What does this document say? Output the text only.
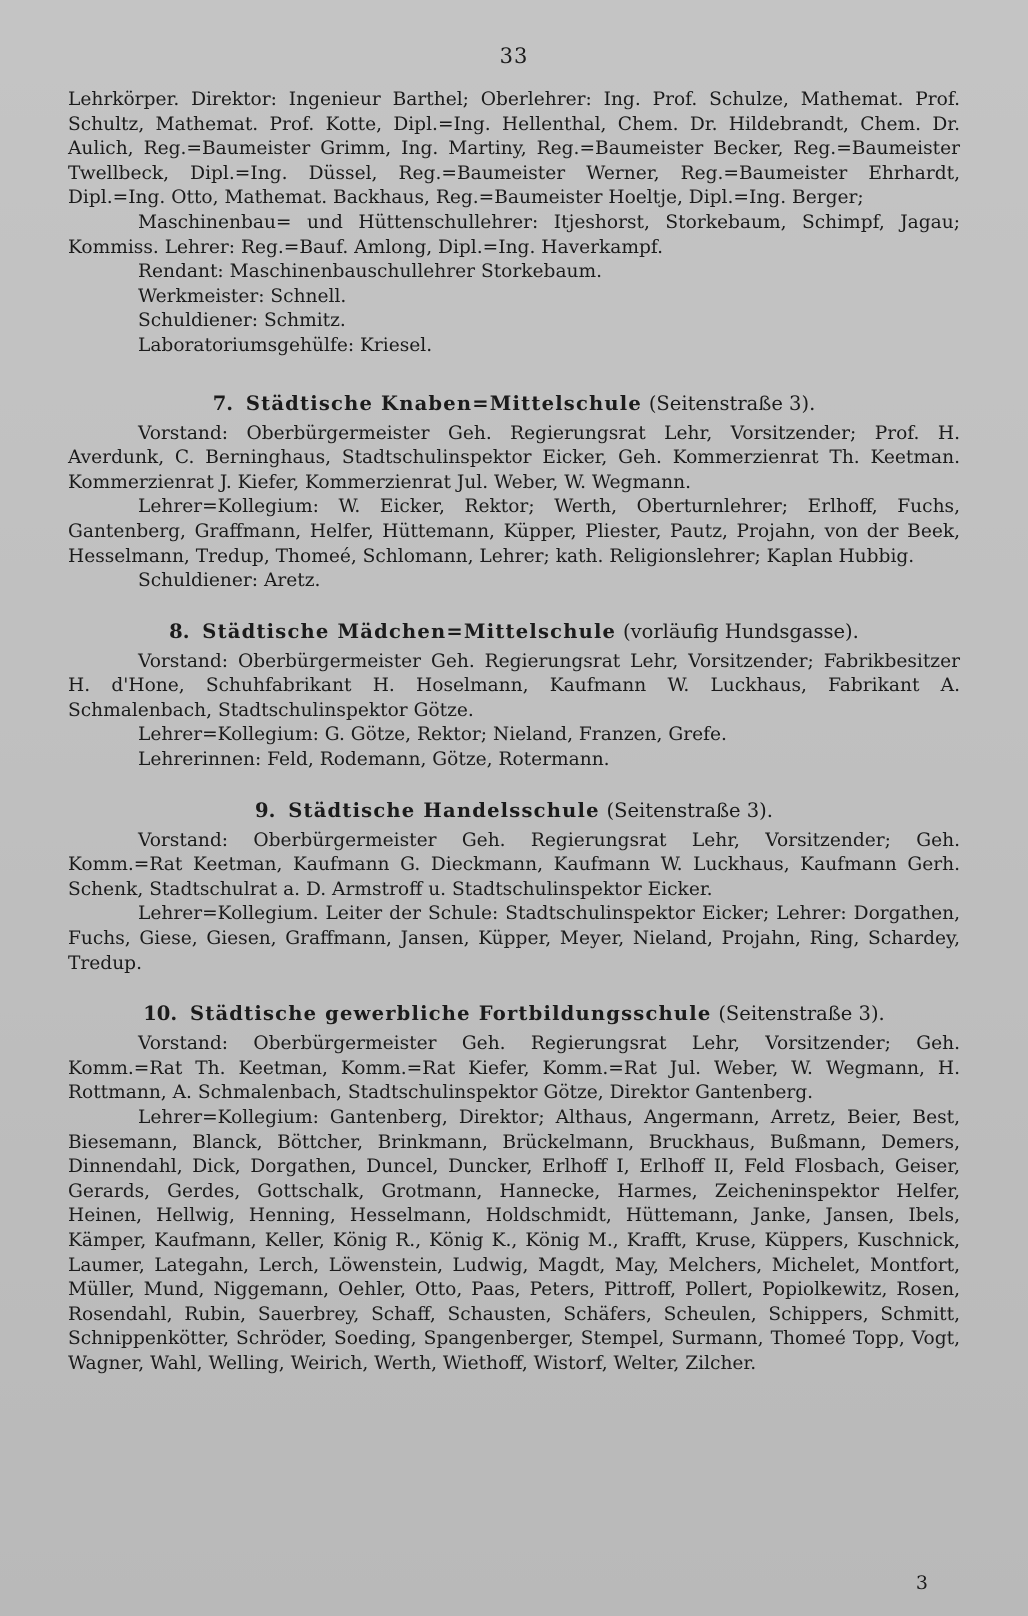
33

Lehrkörper. Direktor: Ingenieur Barthel; Oberlehrer: Ing. Prof. Schulze, Mathemat. Prof. Schultz, Mathemat. Prof. Kotte, Dipl.=Ing. Hellenthal, Chem. Dr. Hildebrandt, Chem. Dr. Aulich, Reg.=Baumeister Grimm, Ing. Martiny, Reg.=Baumeister Becker, Reg.=Baumeister Twellbeck, Dipl.=Ing. Düssel, Reg.=Baumeister Werner, Reg.=Baumeister Ehrhardt, Dipl.=Ing. Otto, Mathemat. Backhaus, Reg.=Baumeister Hoeltje, Dipl.=Ing. Berger;

Maschinenbau= und Hüttenschullehrer: Itjeshorst, Storkebaum, Schimpf, Jagau; Kommiss. Lehrer: Reg.=Bauf. Amlong, Dipl.=Ing. Haverkampf.

Rendant: Maschinenbauschullehrer Storkebaum.

Werkmeister: Schnell.

Schuldiener: Schmitz.

Laboratoriumsgehülfe: Kriesel.

7. Städtische Knaben=Mittelschule (Seitenstraße 3).

Vorstand: Oberbürgermeister Geh. Regierungsrat Lehr, Vorsitzender; Prof. H. Averdunk, C. Berninghaus, Stadtschulinspektor Eicker, Geh. Kommerzienrat Th. Keetman. Kommerzienrat J. Kiefer, Kommerzienrat Jul. Weber, W. Wegmann.

Lehrer=Kollegium: W. Eicker, Rektor; Werth, Oberturnlehrer; Erlhoff, Fuchs, Gantenberg, Graffmann, Helfer, Hüttemann, Küpper, Pliester, Pautz, Projahn, von der Beek, Hesselmann, Tredup, Thomeé, Schlomann, Lehrer; kath. Religionslehrer; Kaplan Hubbig.

Schuldiener: Aretz.

8. Städtische Mädchen=Mittelschule (vorläufig Hundsgasse).

Vorstand: Oberbürgermeister Geh. Regierungsrat Lehr, Vorsitzender; Fabrikbesitzer H. d'Hone, Schuhfabrikant H. Hoselmann, Kaufmann W. Luckhaus, Fabrikant A. Schmalenbach, Stadtschulinspektor Götze.

Lehrer=Kollegium: G. Götze, Rektor; Nieland, Franzen, Grefe.

Lehrerinnen: Feld, Rodemann, Götze, Rotermann.

9. Städtische Handelsschule (Seitenstraße 3).

Vorstand: Oberbürgermeister Geh. Regierungsrat Lehr, Vorsitzender; Geh. Komm.=Rat Keetman, Kaufmann G. Dieckmann, Kaufmann W. Luckhaus, Kaufmann Gerh. Schenk, Stadtschulrat a. D. Armstroff u. Stadtschulinspektor Eicker.

Lehrer=Kollegium. Leiter der Schule: Stadtschulinspektor Eicker; Lehrer: Dorgathen, Fuchs, Giese, Giesen, Graffmann, Jansen, Küpper, Meyer, Nieland, Projahn, Ring, Schardey, Tredup.

10. Städtische gewerbliche Fortbildungsschule (Seitenstraße 3).

Vorstand: Oberbürgermeister Geh. Regierungsrat Lehr, Vorsitzender; Geh. Komm.=Rat Th. Keetman, Komm.=Rat Kiefer, Komm.=Rat Jul. Weber, W. Wegmann, H. Rottmann, A. Schmalenbach, Stadtschulinspektor Götze, Direktor Gantenberg.

Lehrer=Kollegium: Gantenberg, Direktor; Althaus, Angermann, Arretz, Beier, Best, Biesemann, Blanck, Böttcher, Brinkmann, Brückelmann, Bruckhaus, Bußmann, Demers, Dinnendahl, Dick, Dorgathen, Duncel, Duncker, Erlhoff I, Erlhoff II, Feld Flosbach, Geiser, Gerards, Gerdes, Gottschalk, Grotmann, Hannecke, Harmes, Zeicheninspektor Helfer, Heinen, Hellwig, Henning, Hesselmann, Holdschmidt, Hüttemann, Janke, Jansen, Ibels, Kämper, Kaufmann, Keller, König R., König K., König M., Krafft, Kruse, Küppers, Kuschnick, Laumer, Lategahn, Lerch, Löwenstein, Ludwig, Magdt, May, Melchers, Michelet, Montfort, Müller, Mund, Niggemann, Oehler, Otto, Paas, Peters, Pittroff, Pollert, Popiolkewitz, Rosen, Rosendahl, Rubin, Sauerbrey, Schaff, Schausten, Schäfers, Scheulen, Schippers, Schmitt, Schnippenkötter, Schröder, Soeding, Spangenberger, Stempel, Surmann, Thomeé Topp, Vogt, Wagner, Wahl, Welling, Weirich, Werth, Wiethoff, Wistorf, Welter, Zilcher.

3
